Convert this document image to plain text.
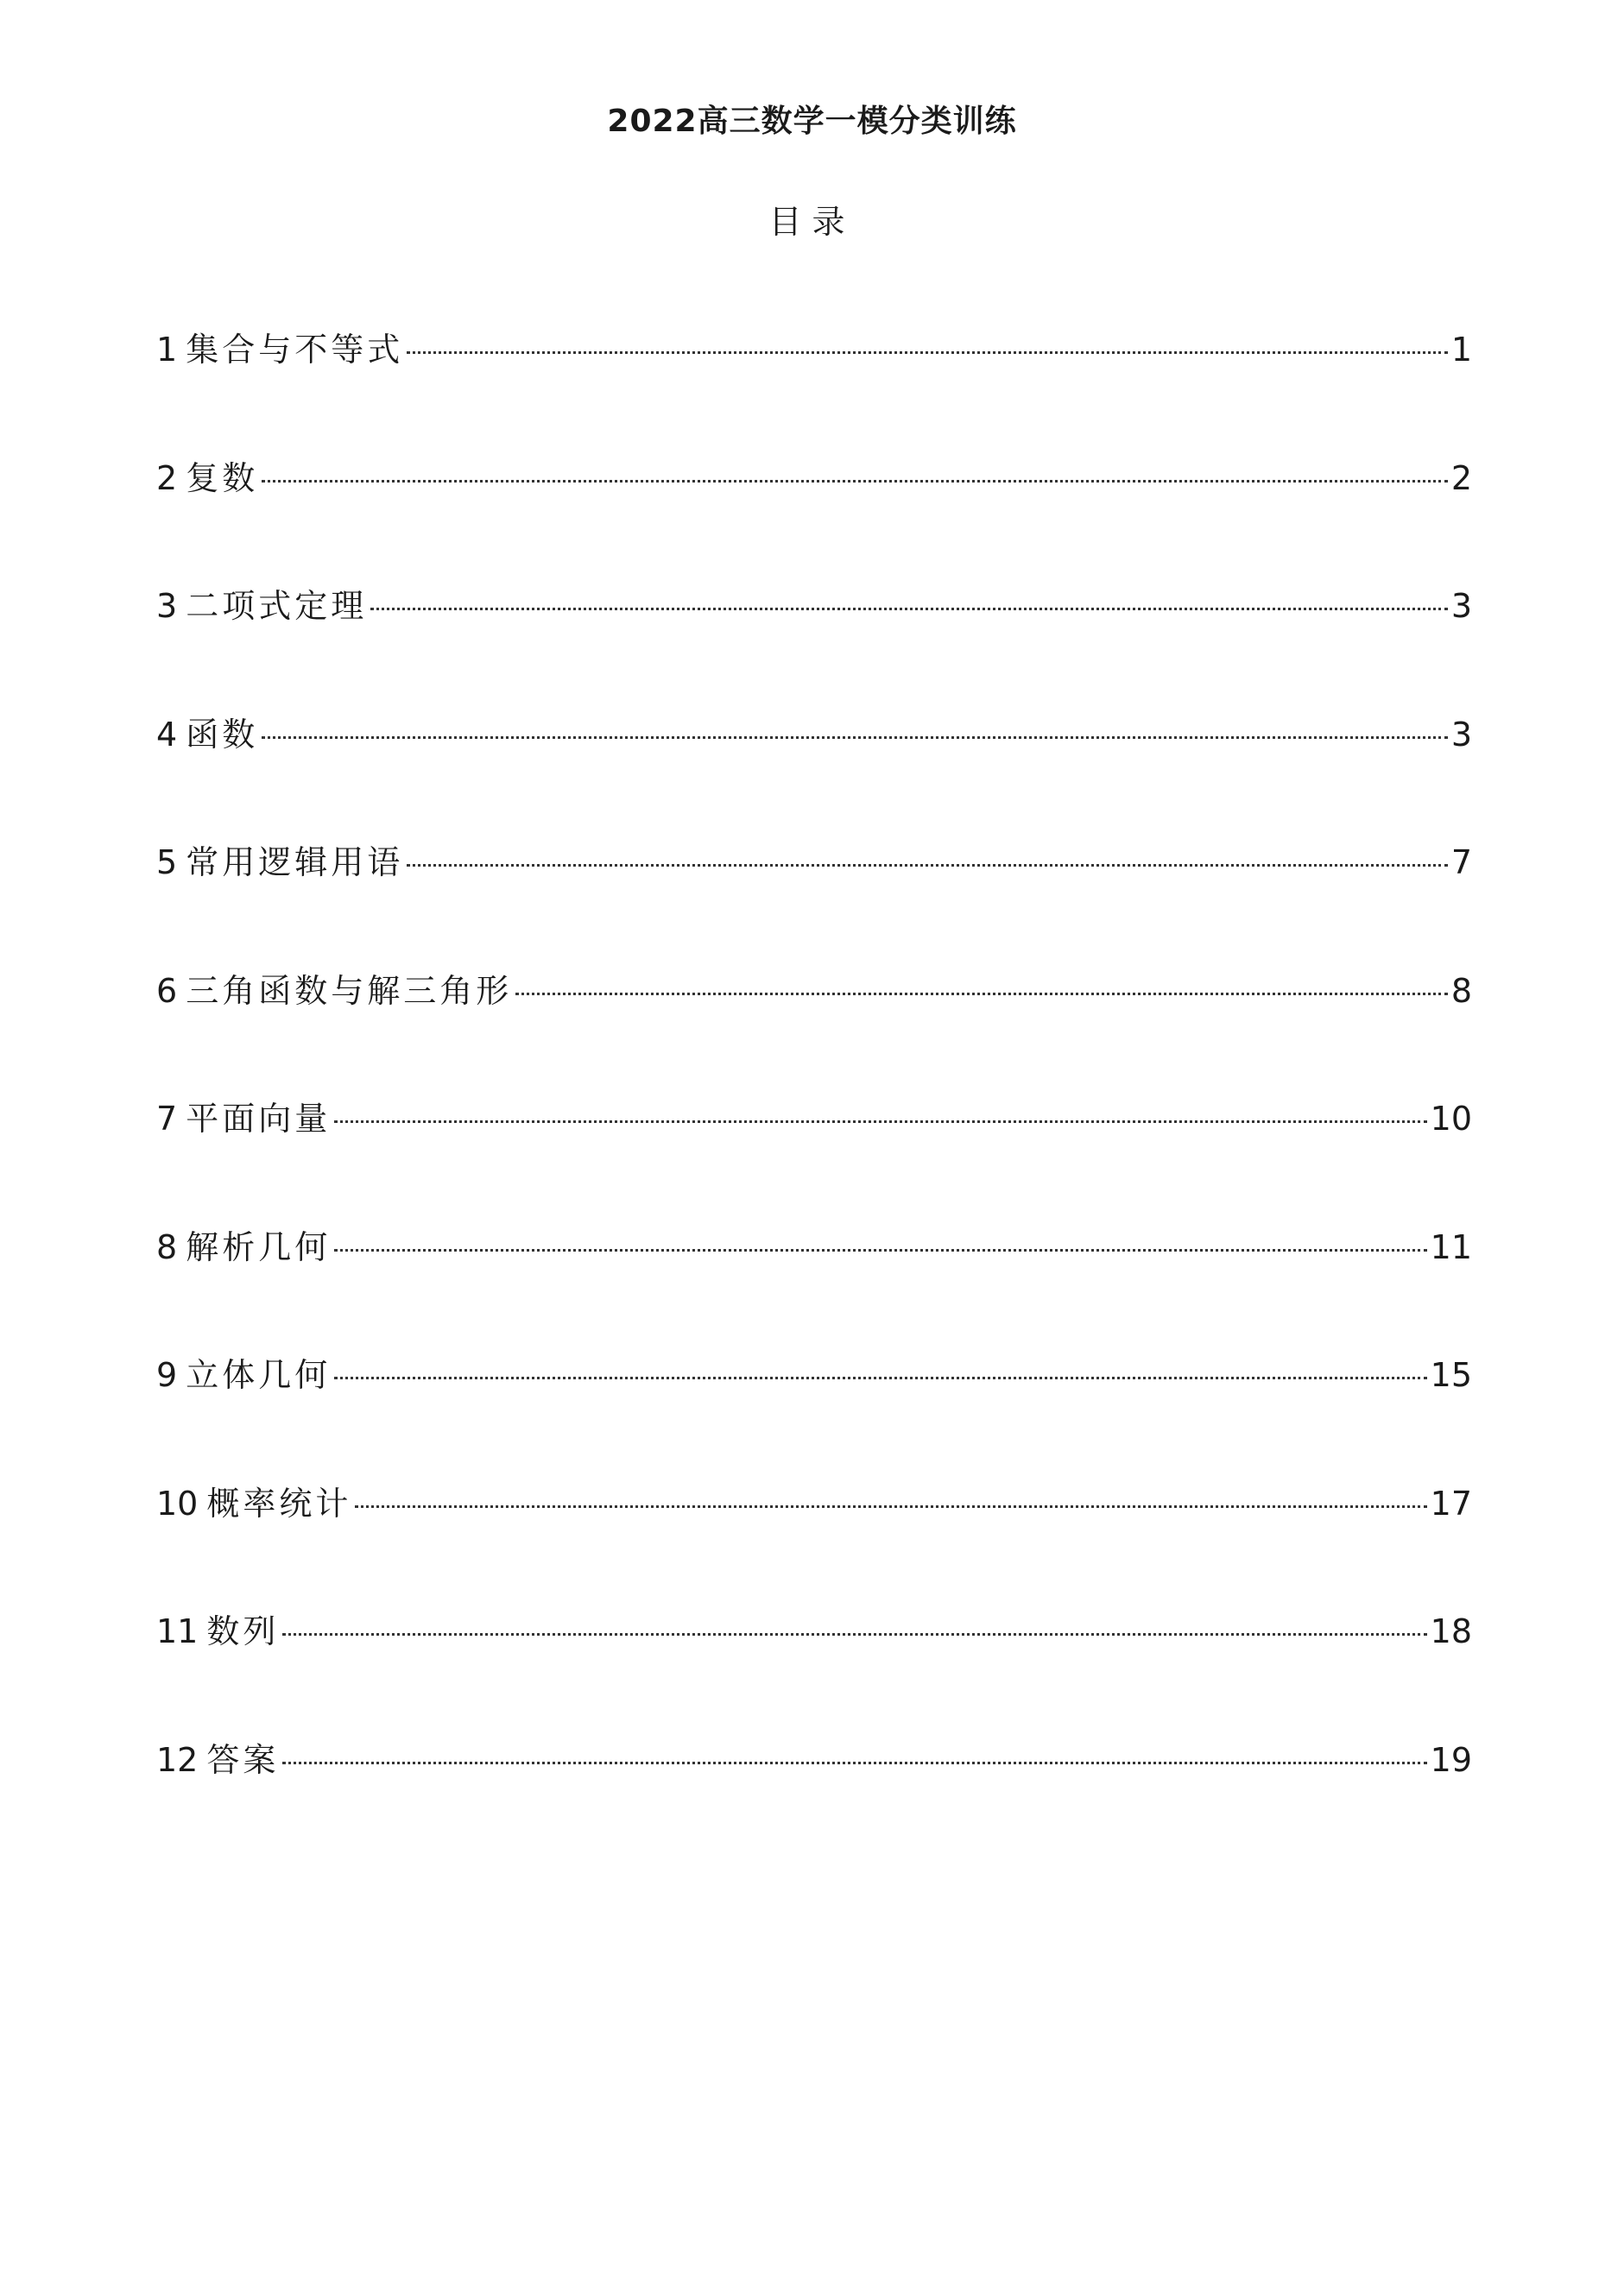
2022高三数学一模分类训练
目录
1 集合与不等式	1
2 复数	2
3 二项式定理	3
4 函数	3
5 常用逻辑用语	7
6 三角函数与解三角形	8
7 平面向量	10
8 解析几何	11
9 立体几何	15
10 概率统计	17
11 数列	18
12 答案	19
